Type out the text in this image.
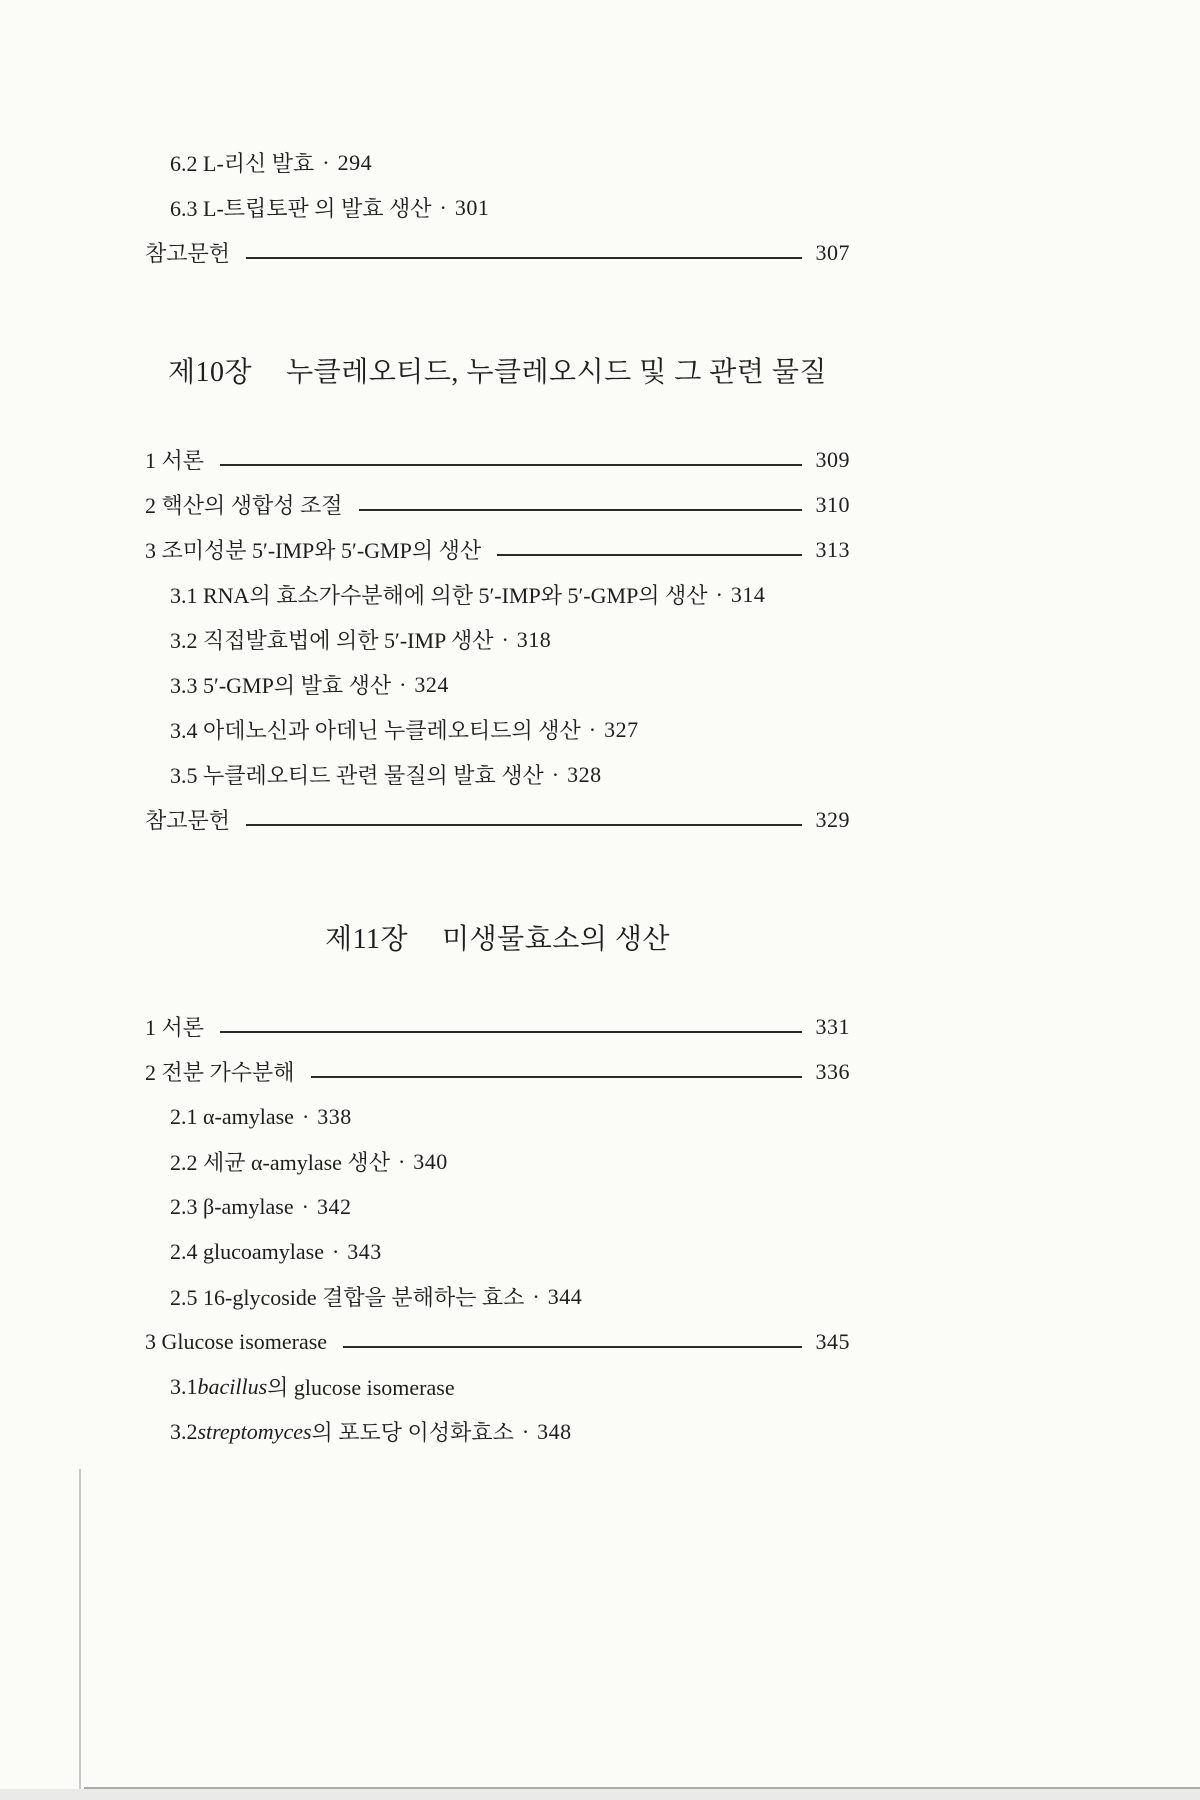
6.2 L-리신 발효 · 294
6.3 L-트립토판 의 발효 생산 · 301
참고문헌	307
제10장 누클레오티드, 누클레오시드 및 그 관련 물질
1 서론	309
2 핵산의 생합성 조절	310
3 조미성분 5′-IMP와 5′-GMP의 생산	313
3.1 RNA의 효소가수분해에 의한 5′-IMP와 5′-GMP의 생산 · 314
3.2 직접발효법에 의한 5′-IMP 생산 · 318
3.3 5′-GMP의 발효 생산 · 324
3.4 아데노신과 아데닌 누클레오티드의 생산 · 327
3.5 누클레오티드 관련 물질의 발효 생산 · 328
참고문헌	329
제11장 미생물효소의 생산
1 서론	331
2 전분 가수분해	336
2.1 α-amylase · 338
2.2 세균 α-amylase 생산 · 340
2.3 β-amylase · 342
2.4 glucoamylase · 343
2.5 16-glycoside 결합을 분해하는 효소 · 344
3 Glucose isomerase	345
3.1 bacillus 의 glucose isomerase
3.2 streptomyces 의 포도당 이성화효소 · 348
